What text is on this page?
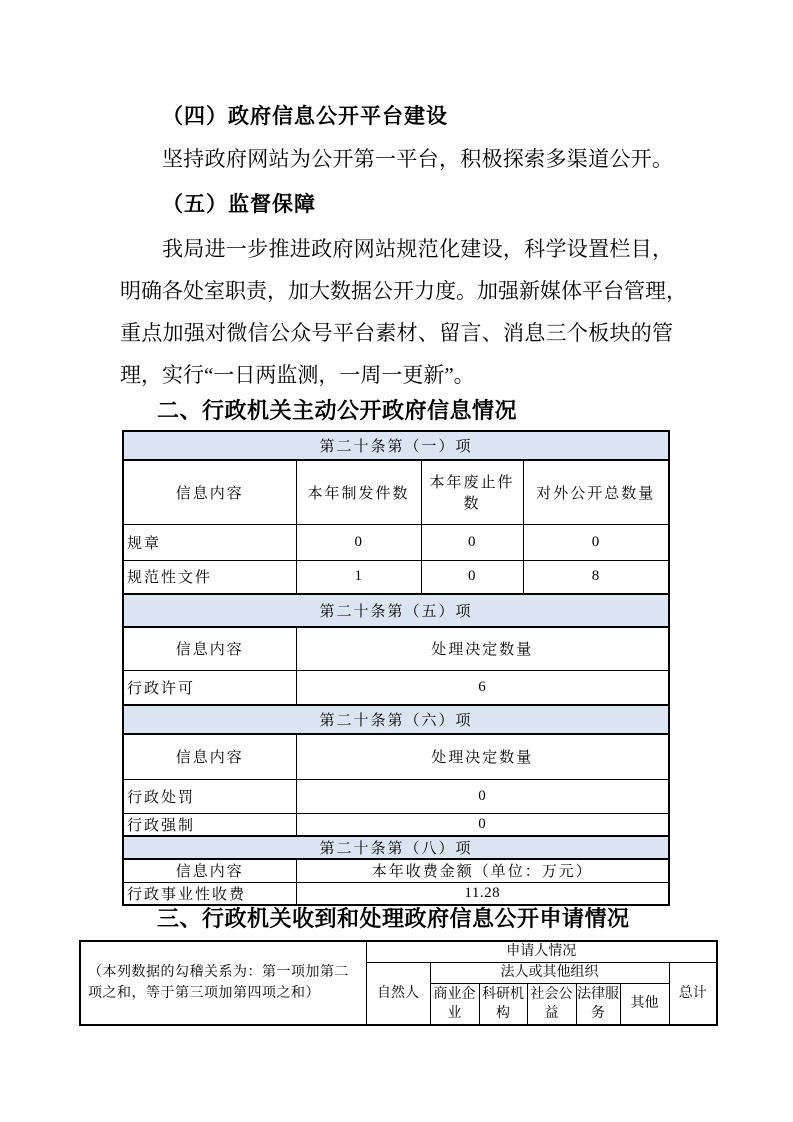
（四）政府信息公开平台建设
坚持政府网站为公开第一平台，积极探索多渠道公开。
（五）监督保障
我局进一步推进政府网站规范化建设，科学设置栏目，
明确各处室职责，加大数据公开力度。加强新媒体平台管理，
重点加强对微信公众号平台素材、留言、消息三个板块的管
理，实行“一日两监测，一周一更新”。
二、行政机关主动公开政府信息情况
第二十条第（一）项			
信息内容	本年制发件数	本年废止件数	对外公开总数量
规章	0	0	0
规范性文件	1	0	8
第二十条第（五）项			
信息内容	处理决定数量		
行政许可	6		
第二十条第（六）项			
信息内容	处理决定数量		
行政处罚	0		
行政强制	0		
第二十条第（八）项			
信息内容	本年收费金额（单位：万元）		
行政事业性收费	11.28		
三、行政机关收到和处理政府信息公开申请情况
（本列数据的勾稽关系为：第一项加第二项之和，等于第三项加第四项之和）	申请人情况						
	自然人	法人或其他组织					总计
		商业企业	科研机构	社会公益	法律服务	其他	
